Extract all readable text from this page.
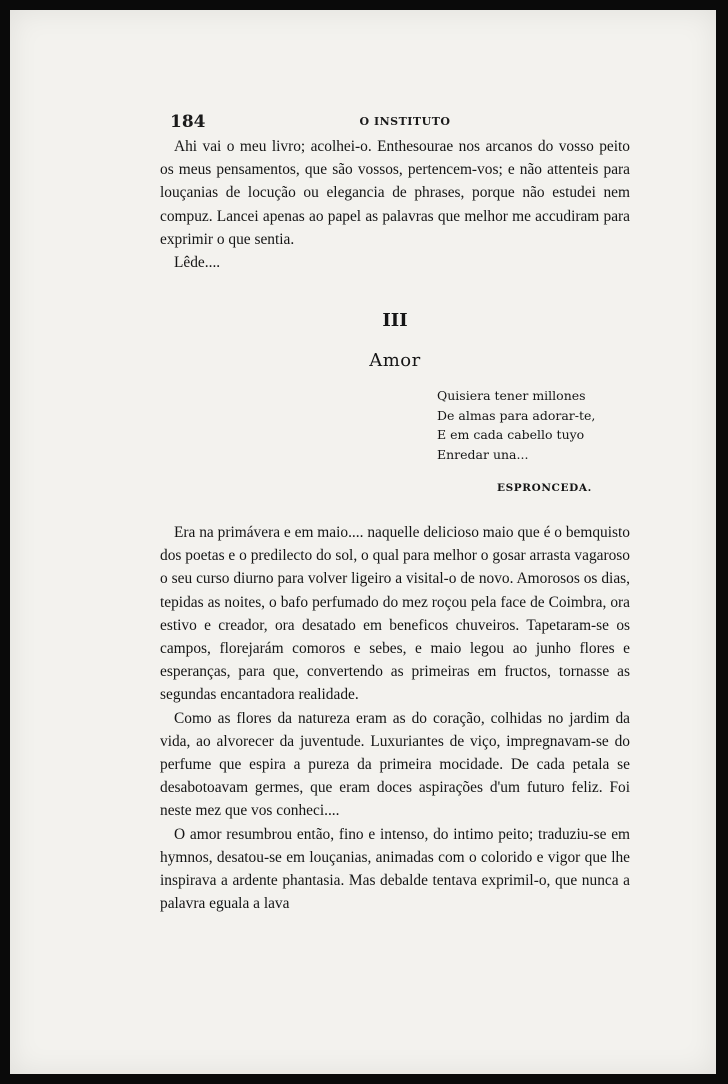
184	O INSTITUTO

Ahi vai o meu livro; acolhei-o. Enthesourae nos arcanos do vosso peito os meus pensamentos, que são vossos, pertencem-vos; e não attenteis para louçanias de locução ou elegancia de phrases, porque não estudei nem compuz. Lancei apenas ao papel as palavras que melhor me accudiram para exprimir o que sentia.

Lêde....

III
Amor
Quisiera tener millones
De almas para adorar-te,
E em cada cabello tuyo
Enredar una...
ESPRONCEDA.

Era na primávera e em maio.... naquelle delicioso maio que é o bemquisto dos poetas e o predilecto do sol, o qual para melhor o gosar arrasta vagaroso o seu curso diurno para volver ligeiro a visital-o de novo. Amorosos os dias, tepidas as noites, o bafo perfumado do mez roçou pela face de Coimbra, ora estivo e creador, ora desatado em beneficos chuveiros. Tapetaram-se os campos, florejarám comoros e sebes, e maio legou ao junho flores e esperanças, para que, convertendo as primeiras em fructos, tornasse as segundas encantadora realidade.

Como as flores da natureza eram as do coração, colhidas no jardim da vida, ao alvorecer da juventude. Luxuriantes de viço, impregnavam-se do perfume que espira a pureza da primeira mocidade. De cada petala se desabotoavam germes, que eram doces aspirações d'um futuro feliz. Foi neste mez que vos conheci....

O amor resumbrou então, fino e intenso, do intimo peito; traduziu-se em hymnos, desatou-se em louçanias, animadas com o colorido e vigor que lhe inspirava a ardente phantasia. Mas debalde tentava exprimil-o, que nunca a palavra eguala a lava
